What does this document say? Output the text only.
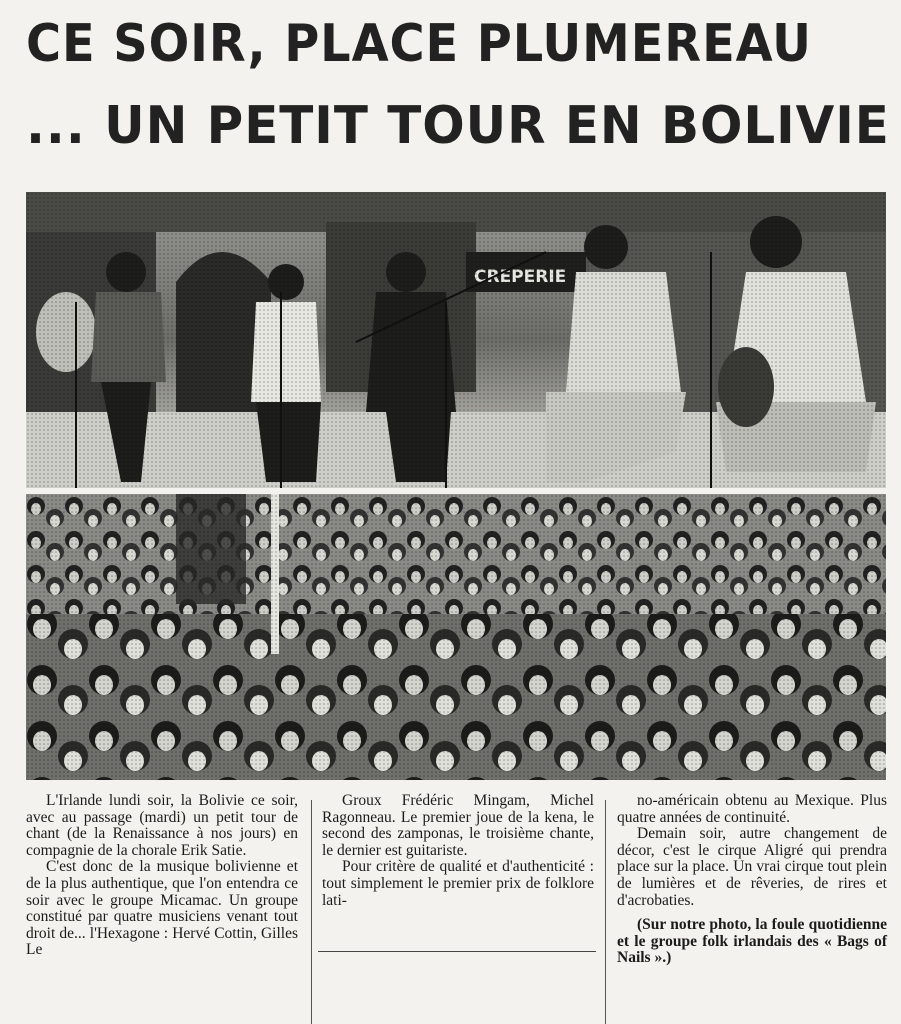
CE SOIR, PLACE PLUMEREAU
... UN PETIT TOUR EN BOLIVIE

L'Irlande lundi soir, la Bolivie ce soir, avec au passage (mardi) un petit tour de chant (de la Renaissance à nos jours) en compagnie de la chorale Erik Satie.

C'est donc de la musique bolivienne et de la plus authentique, que l'on entendra ce soir avec le groupe Micamac. Un groupe constitué par quatre musiciens venant tout droit de... l'Hexagone : Hervé Cottin, Gilles Le

Groux Frédéric Mingam, Michel Ragonneau. Le premier joue de la kena, le second des zamponas, le troisième chante, le dernier est guitariste.

Pour critère de qualité et d'authenticité : tout simplement le premier prix de folklore lati-

no-américain obtenu au Mexique. Plus quatre années de continuité.

Demain soir, autre changement de décor, c'est le cirque Aligré qui prendra place sur la place. Un vrai cirque tout plein de lumières et de rêveries, de rires et d'acrobaties.

(Sur notre photo, la foule quotidienne et le groupe folk irlandais des « Bags of Nails ».)
